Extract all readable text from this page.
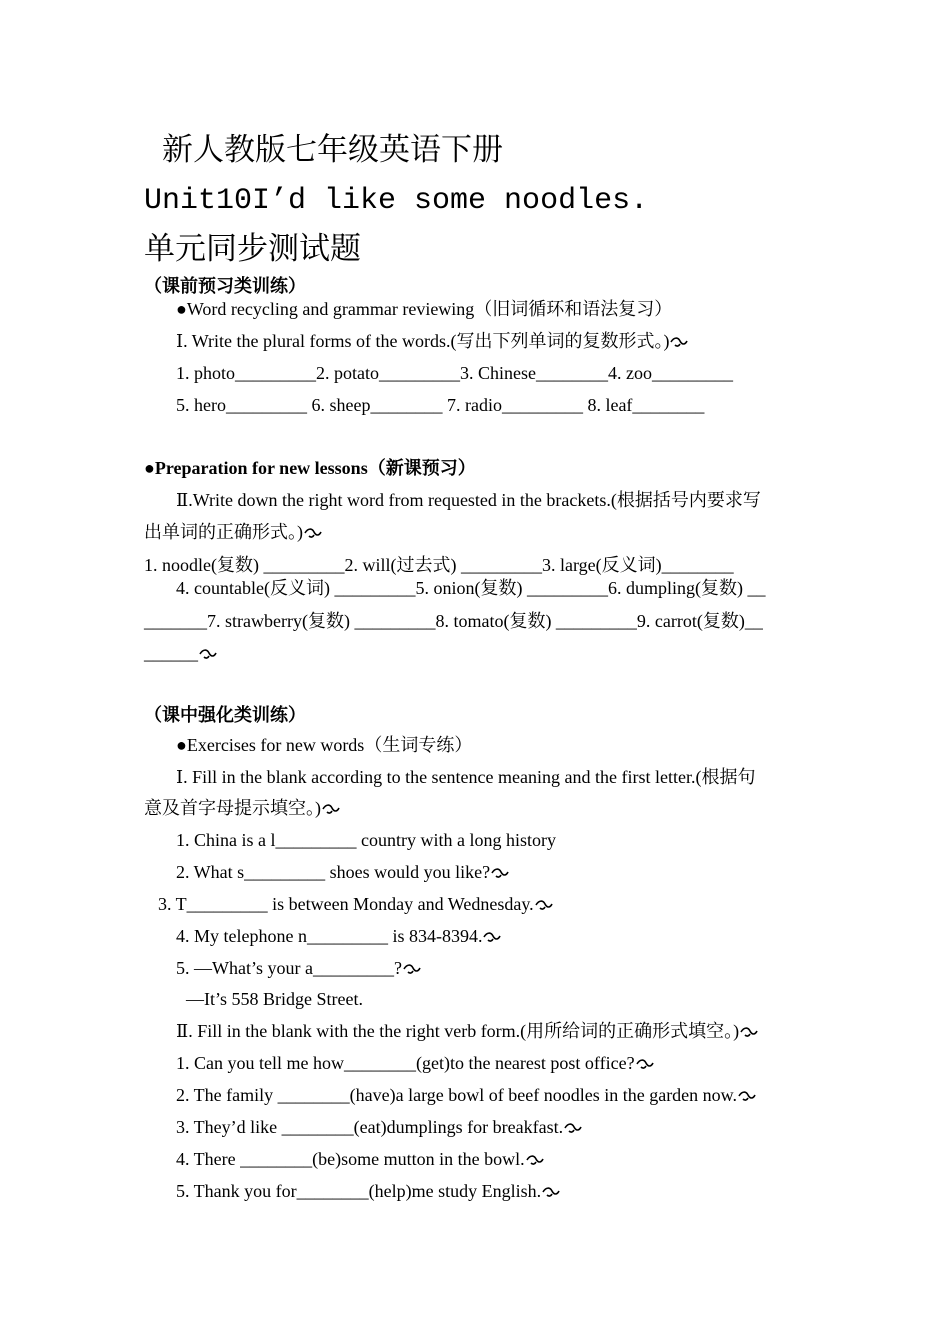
新人教版七年级英语下册
Unit10I’d like some noodles.
单元同步测试题
（课前预习类训练）
●Word recycling and grammar reviewing（旧词循环和语法复习）
Ⅰ. Write the plural forms of the words.(写出下列单词的复数形式。)
1. photo_________2. potato_________3. Chinese________4. zoo_________
5. hero_________ 6. sheep________ 7. radio_________ 8. leaf________
●Preparation for new lessons（新课预习）
Ⅱ.Write down the right word from requested in the brackets.(根据括号内要求写
出单词的正确形式。)
1. noodle(复数) _________2. will(过去式) _________3. large(反义词)________
4. countable(反义词) _________5. onion(复数) _________6. dumpling(复数) __
_______7. strawberry(复数) _________8. tomato(复数) _________9. carrot(复数)__
______
（课中强化类训练）
●Exercises for new words（生词专练）
Ⅰ. Fill in the blank according to the sentence meaning and the first letter.(根据句
意及首字母提示填空。)
1. China is a l_________ country with a long history
2. What s_________ shoes would you like?
3. T_________ is between Monday and Wednesday.
4. My telephone n_________ is 834-8394.
5. —What’s your a_________?
—It’s 558 Bridge Street.
Ⅱ. Fill in the blank with the the right verb form.(用所给词的正确形式填空。)
1. Can you tell me how________(get)to the nearest post office?
2. The family ________(have)a large bowl of beef noodles in the garden now.
3. They’d like ________(eat)dumplings for breakfast.
4. There ________(be)some mutton in the bowl.
5. Thank you for________(help)me study English.
